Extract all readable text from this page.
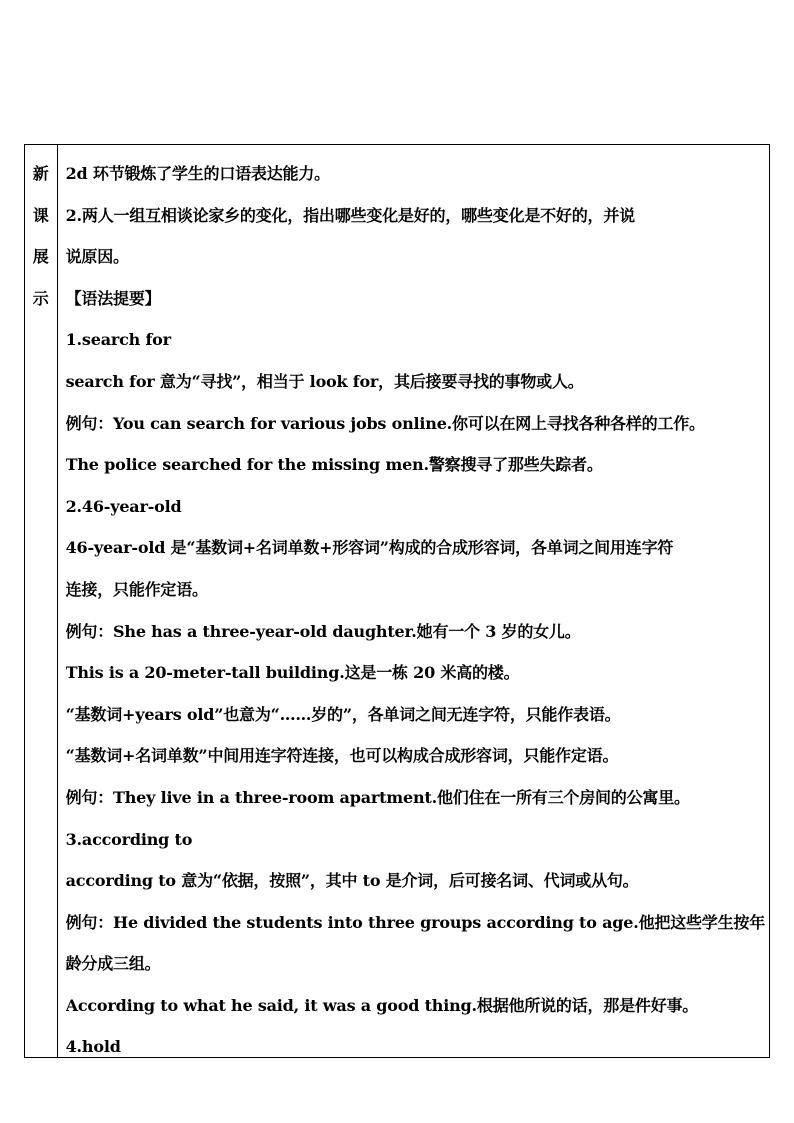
新
课
展
示
2d 环节锻炼了学生的口语表达能力。
2.两人一组互相谈论家乡的变化，指出哪些变化是好的，哪些变化是不好的，并说
说原因。
【语法提要】
1.search for
search for 意为“寻找”，相当于 look for，其后接要寻找的事物或人。
例句：You can search for various jobs online.你可以在网上寻找各种各样的工作。
The police searched for the missing men.警察搜寻了那些失踪者。
2.46-year-old
46-year-old 是“基数词+名词单数+形容词”构成的合成形容词，各单词之间用连字符
连接，只能作定语。
例句：She has a three-year-old daughter.她有一个 3 岁的女儿。
This is a 20-meter-tall building.这是一栋 20 米高的楼。
“基数词+years old”也意为“……岁的”，各单词之间无连字符，只能作表语。
“基数词+名词单数”中间用连字符连接，也可以构成合成形容词，只能作定语。
例句：They live in a three-room apartment.他们住在一所有三个房间的公寓里。
3.according to
according to 意为“依据，按照”，其中 to 是介词，后可接名词、代词或从句。
例句：He divided the students into three groups according to age.他把这些学生按年
龄分成三组。
According to what he said, it was a good thing.根据他所说的话，那是件好事。
4.hold
